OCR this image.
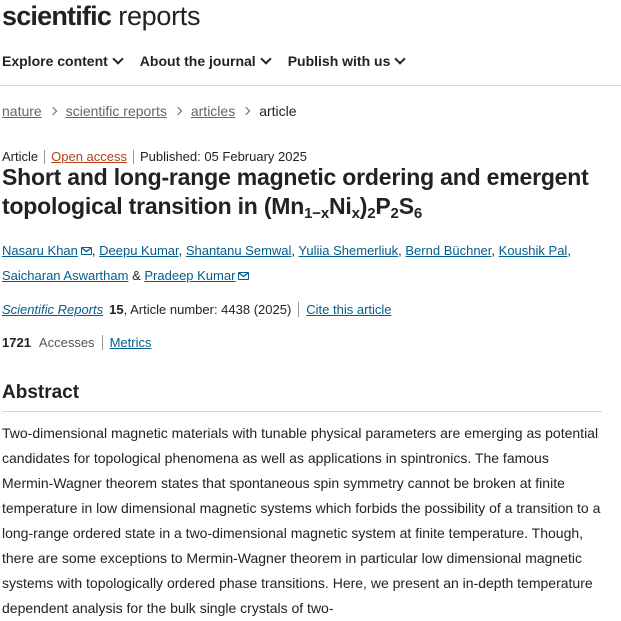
scientific reports
Explore content About the journal Publish with us
nature scientific reports articles article
Article Open access Published: 05 February 2025
Short and long-range magnetic ordering and emergent topological transition in $(Mn_{1-x}Ni_x)_2P_2S_6$
Nasaru Khan , Deepu Kumar, Shantanu Semwal, Yuliia Shemerliuk, Bernd Büchner, Koushik Pal,
Saicharan Aswartham & Pradeep Kumar
Scientific Reports 15 , Article number: 4438 (2025) Cite this article
1721 Accesses Metrics
Abstract

Two-dimensional magnetic materials with tunable physical parameters are emerging as potential candidates for topological phenomena as well as applications in spintronics. The famous Mermin-Wagner theorem states that spontaneous spin symmetry cannot be broken at finite temperature in low dimensional magnetic systems which forbids the possibility of a transition to a long-range ordered state in a two-dimensional magnetic system at finite temperature. Though, there are some exceptions to Mermin-Wagner theorem in particular low dimensional magnetic systems with topologically ordered phase transitions. Here, we present an in-depth temperature dependent analysis for the bulk single crystals of two-
